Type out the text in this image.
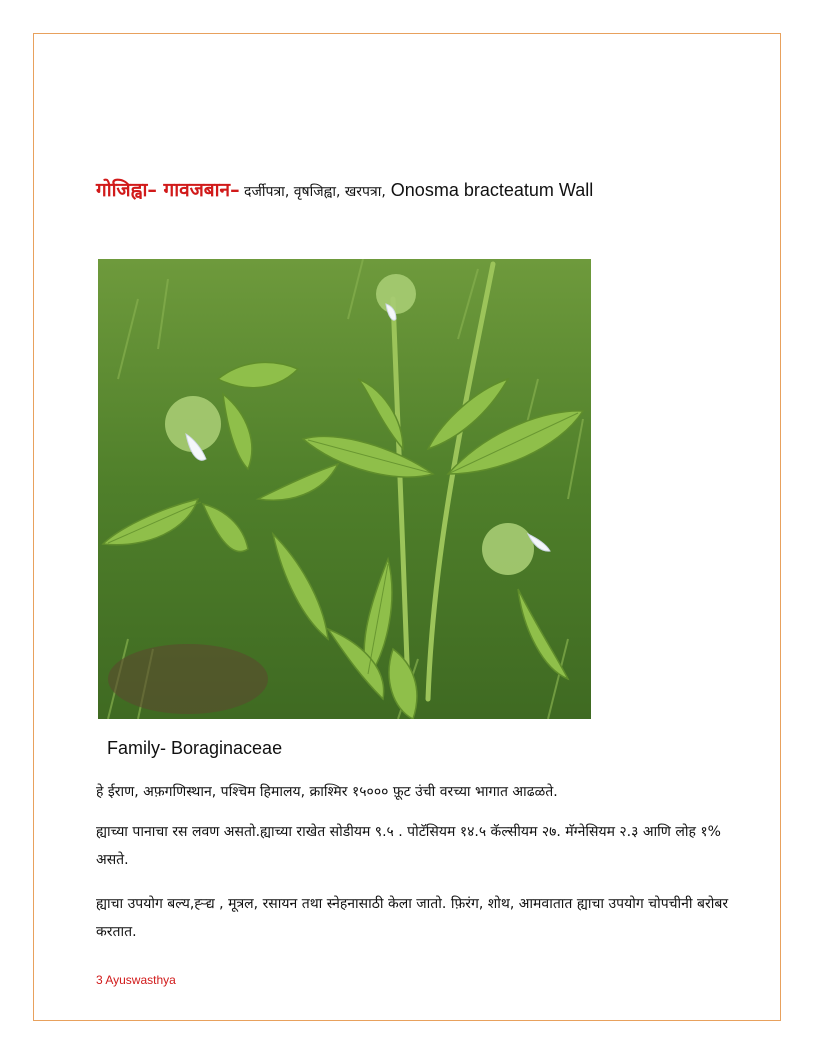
गोजिह्वा– गावजबान– दर्जीपत्रा, वृषजिह्वा, खरपत्रा, Onosma bracteatum Wall
Family- Boraginaceae
हे ईराण, अफ़गणिस्थान, पश्चिम हिमालय, क्राश्मिर १५००० फ़ूट उंची वरच्या भागात आढळते.
ह्याच्या पानाचा रस लवण असतो.ह्याच्या राखेत सोडीयम ९.५ . पोटॅसियम १४.५ कॅल्सीयम २७. मॅग्नेसियम २.३ आणि लोह १% असते.
ह्याचा उपयोग बल्य,ह्ऱ्द्य , मूत्रल, रसायन तथा स्नेहनासाठी केला जातो. फ़िरंग, शोथ, आमवातात ह्याचा उपयोग चोपचीनी बरोबर करतात.
3 Ayuswasthya
